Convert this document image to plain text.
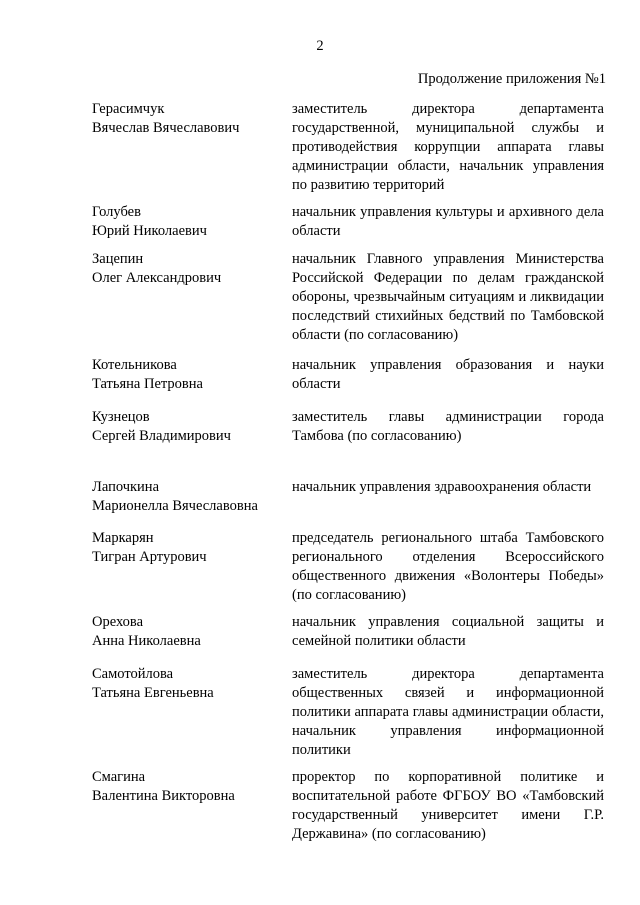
2
Продолжение приложения №1
Герасимчук
Вячеслав Вячеславович
заместитель директора департамента государственной, муниципальной службы и противодействия коррупции аппарата главы администрации области, начальник управления по развитию территорий
Голубев
Юрий Николаевич
начальник управления культуры и архивного дела области
Зацепин
Олег Александрович
начальник Главного управления Министерства Российской Федерации по делам гражданской обороны, чрезвычайным ситуациям и ликвидации последствий стихийных бедствий по Тамбовской области (по согласованию)
Котельникова
Татьяна Петровна
начальник управления образования и науки области
Кузнецов
Сергей Владимирович
заместитель главы администрации города Тамбова (по согласованию)
Лапочкина
Марионелла Вячеславовна
начальник управления здравоохранения области
Маркарян
Тигран Артурович
председатель регионального штаба Тамбовского регионального отделения Всероссийского общественного движения «Волонтеры Победы» (по согласованию)
Орехова
Анна Николаевна
начальник управления социальной защиты и семейной политики области
Самотойлова
Татьяна Евгеньевна
заместитель директора департамента общественных связей и информационной политики аппарата главы администрации области, начальник управления информационной политики
Смагина
Валентина Викторовна
проректор по корпоративной политике и воспитательной работе ФГБОУ ВО «Тамбовский государственный университет имени Г.Р. Державина» (по согласованию)
